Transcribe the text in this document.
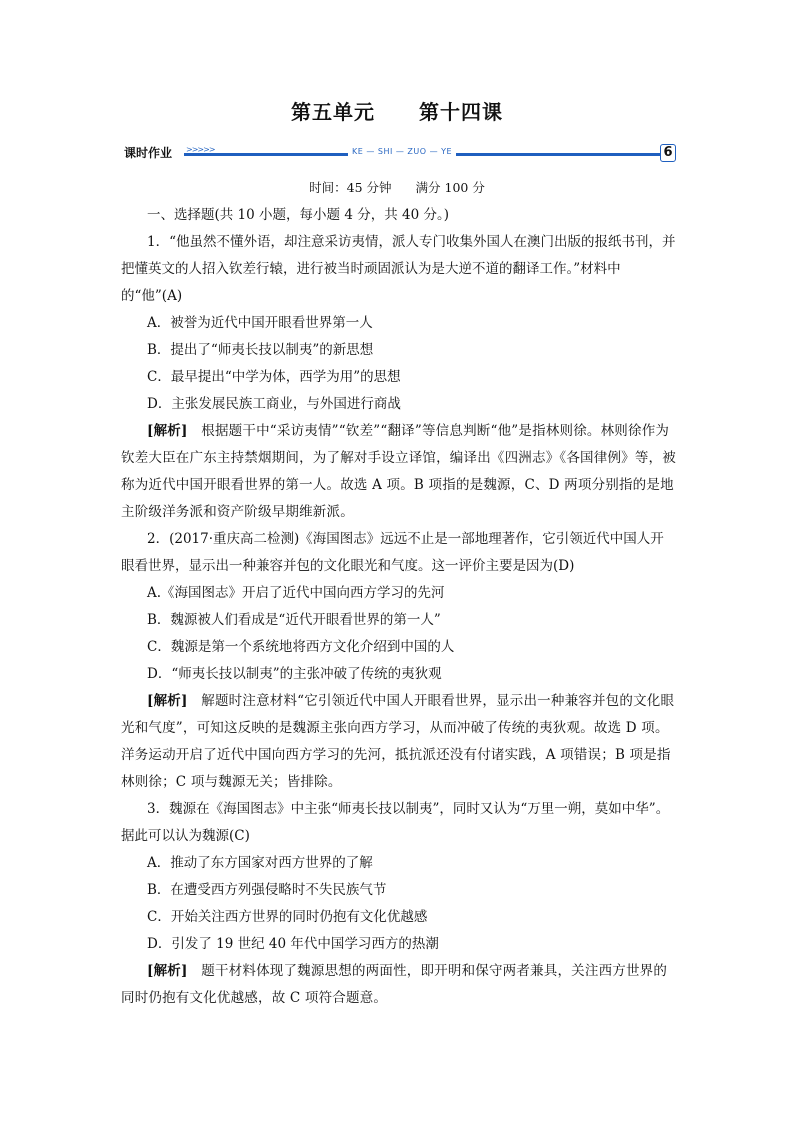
第五单元 第十四课
课时作业 >>>>>	KE — SHI — ZUO — YE	6
时间：45 分钟 满分 100 分

一、选择题(共 10 小题，每小题 4 分，共 40 分。)

1．“他虽然不懂外语，却注意采访夷情，派人专门收集外国人在澳门出版的报纸书刊，并把懂英文的人招入钦差行辕，进行被当时顽固派认为是大逆不道的翻译工作。”材料中的“他”(A)

A．被誉为近代中国开眼看世界第一人

B．提出了“师夷长技以制夷”的新思想

C．最早提出“中学为体，西学为用”的思想

D．主张发展民族工商业，与外国进行商战

[解析]　根据题干中“采访夷情”“钦差”“翻译”等信息判断“他”是指林则徐。林则徐作为钦差大臣在广东主持禁烟期间，为了解对手设立译馆，编译出《四洲志》《各国律例》等，被称为近代中国开眼看世界的第一人。故选 A 项。B 项指的是魏源，C、D 两项分别指的是地主阶级洋务派和资产阶级早期维新派。

2．(2017·重庆高二检测)《海国图志》远远不止是一部地理著作，它引领近代中国人开眼看世界，显示出一种兼容并包的文化眼光和气度。这一评价主要是因为(D)

A.《海国图志》开启了近代中国向西方学习的先河

B．魏源被人们看成是“近代开眼看世界的第一人”

C．魏源是第一个系统地将西方文化介绍到中国的人

D．“师夷长技以制夷”的主张冲破了传统的夷狄观

[解析]　解题时注意材料“它引领近代中国人开眼看世界，显示出一种兼容并包的文化眼光和气度”，可知这反映的是魏源主张向西方学习，从而冲破了传统的夷狄观。故选 D 项。洋务运动开启了近代中国向西方学习的先河，抵抗派还没有付诸实践，A 项错误；B 项是指林则徐；C 项与魏源无关；皆排除。

3．魏源在《海国图志》中主张“师夷长技以制夷”，同时又认为“万里一朔，莫如中华”。据此可以认为魏源(C)

A．推动了东方国家对西方世界的了解

B．在遭受西方列强侵略时不失民族气节

C．开始关注西方世界的同时仍抱有文化优越感

D．引发了 19 世纪 40 年代中国学习西方的热潮

[解析]　题干材料体现了魏源思想的两面性，即开明和保守两者兼具，关注西方世界的同时仍抱有文化优越感，故 C 项符合题意。
